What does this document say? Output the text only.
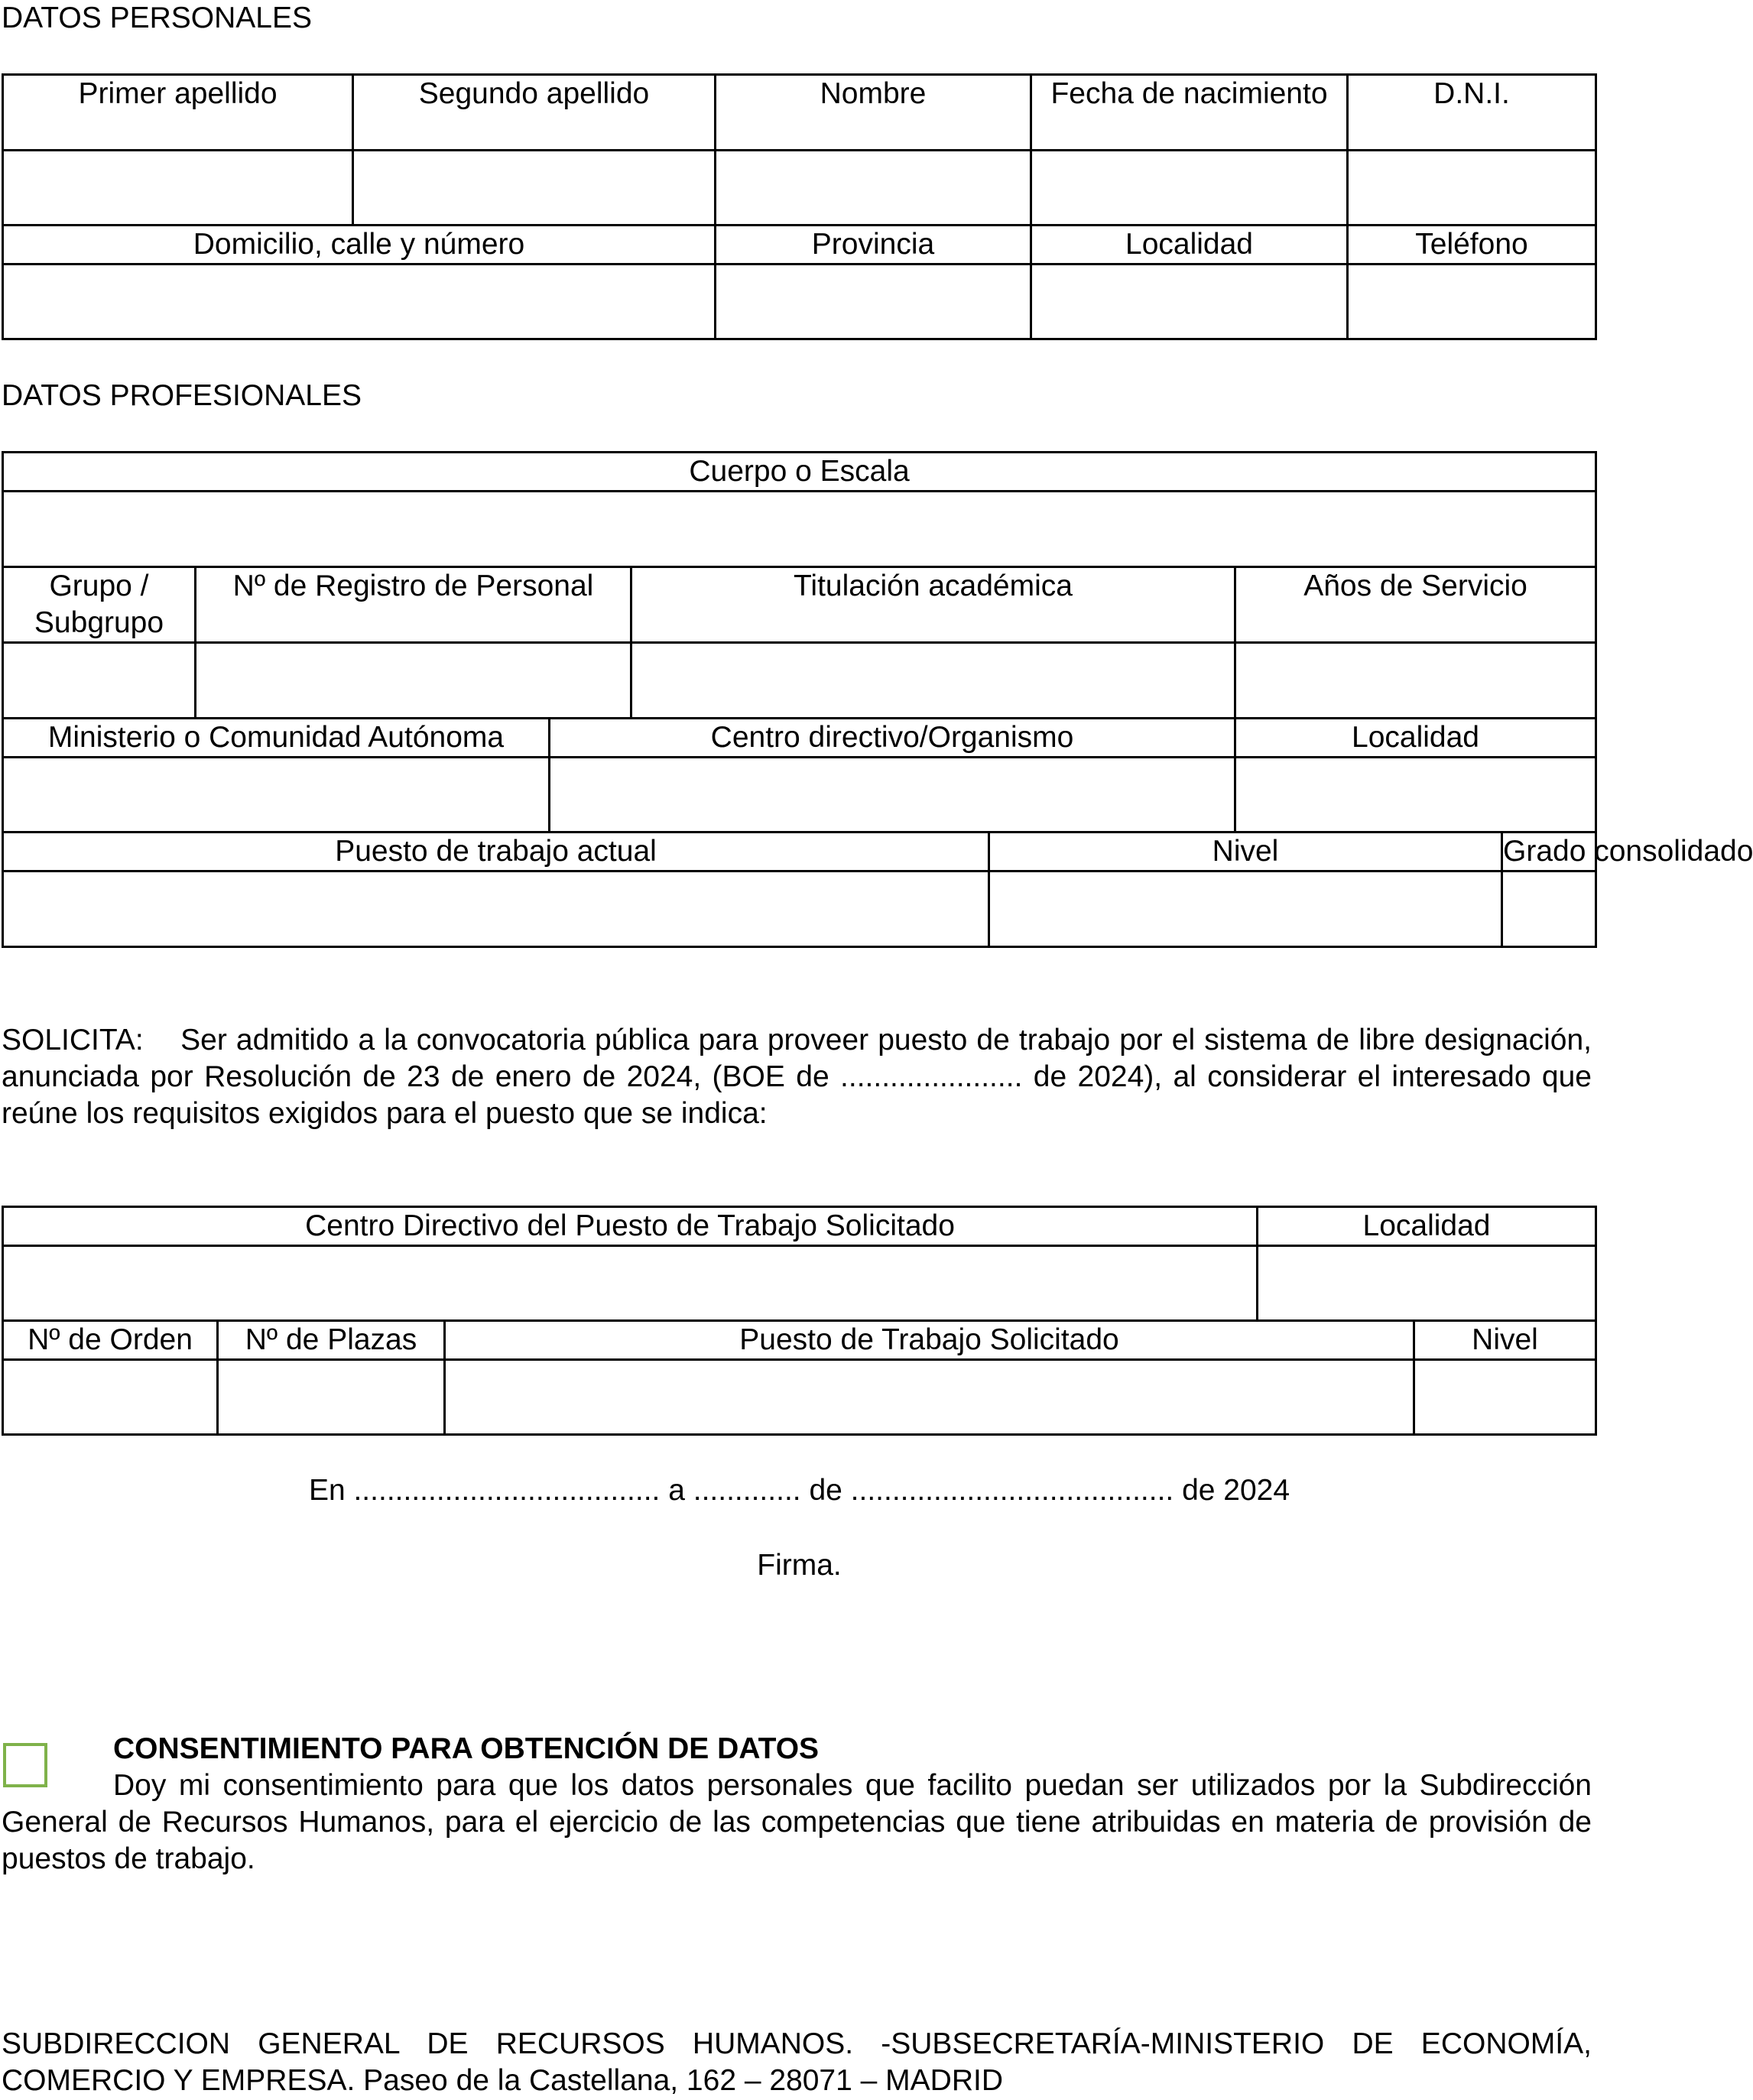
DATOS PERSONALES
Primer apellido	Segundo apellido	Nombre	Fecha de nacimiento	D.N.I.

Domicilio, calle y número		Provincia	Localidad	Teléfono

DATOS PROFESIONALES
Cuerpo o Escala						

Grupo / Subgrupo	Nº de Registro de Personal		Titulación académica		Años de Servicio	

Ministerio o Comunidad Autónoma		Centro directivo/Organismo			Localidad	

Puesto de trabajo actual				Nivel		Grado consolidado

SOLICITA: Ser admitido a la convocatoria pública para proveer puesto de trabajo por el sistema de libre designación, anunciada por Resolución de 23 de enero de 2024, (BOE de ...................... de 2024), al considerar el interesado que reúne los requisitos exigidos para el puesto que se indica:
Centro Directivo del Puesto de Trabajo Solicitado			Localidad	

Nº de Orden	Nº de Plazas	Puesto de Trabajo Solicitado		Nivel

En ..................................... a ............. de ....................................... de 2024
Firma.
CONSENTIMIENTO PARA OBTENCIÓN DE DATOS
Doy mi consentimiento para que los datos personales que facilito puedan ser utilizados por la Subdirección General de Recursos Humanos, para el ejercicio de las competencias que tiene atribuidas en materia de provisión de puestos de trabajo.
SUBDIRECCION GENERAL DE RECURSOS HUMANOS. -SUBSECRETARÍA-MINISTERIO DE ECONOMÍA, COMERCIO Y EMPRESA. Paseo de la Castellana, 162 – 28071 – MADRID
